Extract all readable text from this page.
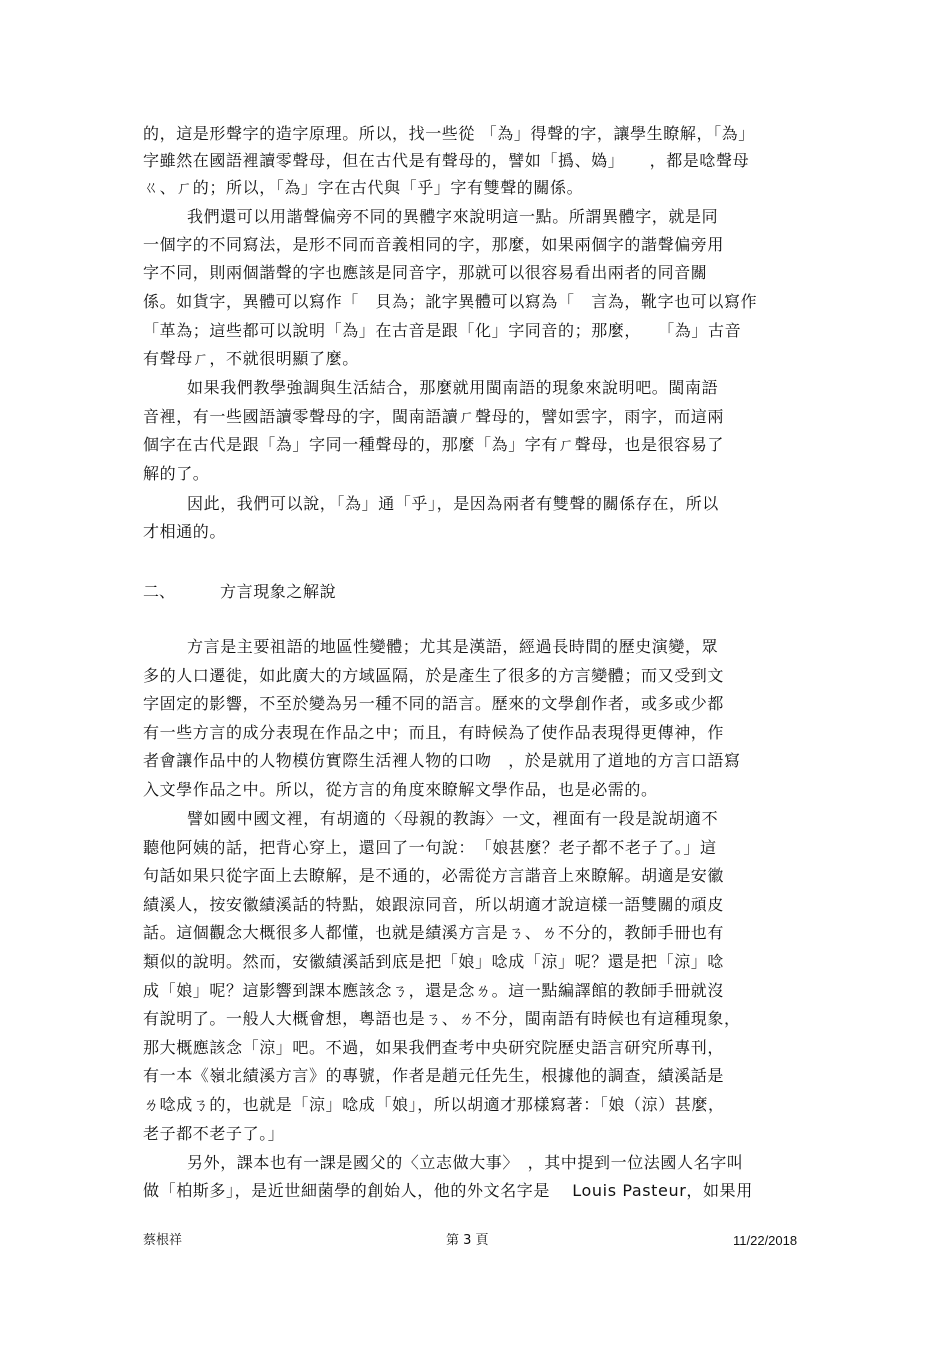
的，這是形聲字的造字原理。所以，找一些從 「為」得聲的字，讓學生瞭解，「為」
字雖然在國語裡讀零聲母，但在古代是有聲母的，譬如「撝、媯」　　，都是唸聲母
ㄍ、ㄏ的；所以，「為」字在古代與「乎」字有雙聲的關係。
我們還可以用諧聲偏旁不同的異體字來說明這一點。所謂異體字，就是同
一個字的不同寫法，是形不同而音義相同的字，那麼，如果兩個字的諧聲偏旁用
字不同，則兩個諧聲的字也應該是同音字，那就可以很容易看出兩者的同音關
係。如貨字，異體可以寫作「　貝為；訛字異體可以寫為「　言為，靴字也可以寫作
「革為；這些都可以說明「為」在古音是跟「化」字同音的；那麼，　　「為」古音
有聲母ㄏ，不就很明顯了麼。
如果我們教學強調與生活結合，那麼就用閩南語的現象來說明吧。閩南語
音裡，有一些國語讀零聲母的字，閩南語讀ㄏ聲母的，譬如雲字，雨字，而這兩
個字在古代是跟「為」字同一種聲母的，那麼「為」字有ㄏ聲母，也是很容易了
解的了。
因此，我們可以說，「為」通「乎」，是因為兩者有雙聲的關係存在，所以
才相通的。
二、	方言現象之解說
方言是主要祖語的地區性變體；尤其是漢語，經過長時間的歷史演變，眾
多的人口遷徙，如此廣大的方域區隔，於是產生了很多的方言變體；而又受到文
字固定的影響，不至於變為另一種不同的語言。歷來的文學創作者，或多或少都
有一些方言的成分表現在作品之中；而且，有時候為了使作品表現得更傳神，作
者會讓作品中的人物模仿實際生活裡人物的口吻　，於是就用了道地的方言口語寫
入文學作品之中。所以，從方言的角度來瞭解文學作品，也是必需的。
譬如國中國文裡，有胡適的〈母親的教誨〉一文，裡面有一段是說胡適不
聽他阿姨的話，把背心穿上，還回了一句說：　「娘甚麼？老子都不老子了。」這
句話如果只從字面上去瞭解，是不通的，必需從方言諧音上來瞭解。胡適是安徽
績溪人，按安徽績溪話的特點，娘跟涼同音，所以胡適才說這樣一語雙關的頑皮
話。這個觀念大概很多人都懂，也就是績溪方言是ㄋ、ㄌ不分的，教師手冊也有
類似的說明。然而，安徽績溪話到底是把「娘」唸成「涼」呢？還是把「涼」唸
成「娘」呢？這影響到課本應該念ㄋ，還是念ㄌ。這一點編譯館的教師手冊就沒
有說明了。一般人大概會想，粵語也是ㄋ、ㄌ不分，閩南語有時候也有這種現象，
那大概應該念「涼」吧。不過，如果我們查考中央研究院歷史語言研究所專刊，
有一本《嶺北績溪方言》的專號，作者是趙元任先生，根據他的調查，績溪話是
ㄌ唸成ㄋ的，也就是「涼」唸成「娘」，所以胡適才那樣寫著：「娘（涼）甚麼，
老子都不老子了。」
另外，課本也有一課是國父的〈立志做大事〉　，其中提到一位法國人名字叫
做「柏斯多」，是近世細菌學的創始人，他的外文名字是　 Louis Pasteur，如果用
蔡根祥	第 3 頁	11/22/2018
